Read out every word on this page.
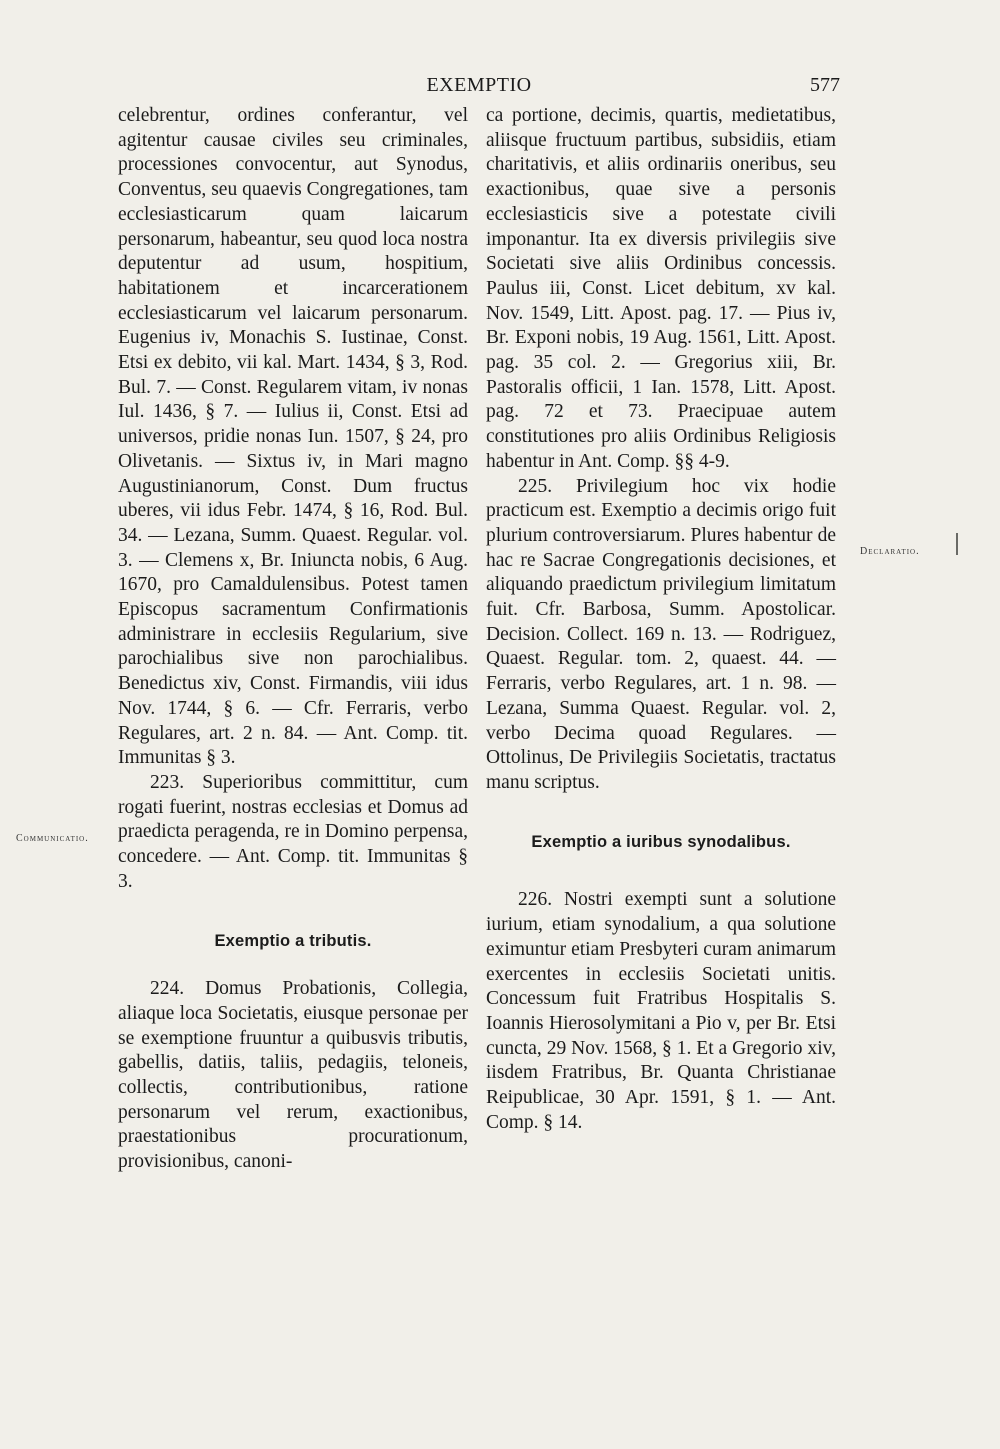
EXEMPTIO	577
Communicatio.
Declaratio.

celebrentur, ordines conferantur, vel agitentur causae civiles seu criminales, processiones convocentur, aut Synodus, Conventus, seu quaevis Congregationes, tam ecclesiasticarum quam laicarum personarum, habeantur, seu quod loca nostra deputentur ad usum, hospitium, habitationem et incarcerationem ecclesiasticarum vel laicarum personarum. Eugenius iv, Monachis S. Iustinae, Const. Etsi ex debito, vii kal. Mart. 1434, § 3, Rod. Bul. 7. — Const. Regularem vitam, iv nonas Iul. 1436, § 7. — Iulius ii, Const. Etsi ad universos, pridie nonas Iun. 1507, § 24, pro Olivetanis. — Sixtus iv, in Mari magno Augustinianorum, Const. Dum fructus uberes, vii idus Febr. 1474, § 16, Rod. Bul. 34. — Lezana, Summ. Quaest. Regular. vol. 3. — Clemens x, Br. Iniuncta nobis, 6 Aug. 1670, pro Camaldulensibus. Potest tamen Episcopus sacramentum Confirmationis administrare in ecclesiis Regularium, sive parochialibus sive non parochialibus. Benedictus xiv, Const. Firmandis, viii idus Nov. 1744, § 6. — Cfr. Ferraris, verbo Regulares, art. 2 n. 84. — Ant. Comp. tit. Immunitas § 3.

223. Superioribus committitur, cum rogati fuerint, nostras ecclesias et Domus ad praedicta peragenda, re in Domino perpensa, concedere. — Ant. Comp. tit. Immunitas § 3.

Exemptio a tributis.

224. Domus Probationis, Collegia, aliaque loca Societatis, eiusque personae per se exemptione fruuntur a quibusvis tributis, gabellis, datiis, taliis, pedagiis, teloneis, collectis, contributionibus, ratione personarum vel rerum, exactionibus, praestationibus procurationum, provisionibus, canoni-

ca portione, decimis, quartis, medietatibus, aliisque fructuum partibus, subsidiis, etiam charitativis, et aliis ordinariis oneribus, seu exactionibus, quae sive a personis ecclesiasticis sive a potestate civili imponantur. Ita ex diversis privilegiis sive Societati sive aliis Ordinibus concessis. Paulus iii, Const. Licet debitum, xv kal. Nov. 1549, Litt. Apost. pag. 17. — Pius iv, Br. Exponi nobis, 19 Aug. 1561, Litt. Apost. pag. 35 col. 2. — Gregorius xiii, Br. Pastoralis officii, 1 Ian. 1578, Litt. Apost. pag. 72 et 73. Praecipuae autem constitutiones pro aliis Ordinibus Religiosis habentur in Ant. Comp. §§ 4-9.

225. Privilegium hoc vix hodie practicum est. Exemptio a decimis origo fuit plurium controversiarum. Plures habentur de hac re Sacrae Congregationis decisiones, et aliquando praedictum privilegium limitatum fuit. Cfr. Barbosa, Summ. Apostolicar. Decision. Collect. 169 n. 13. — Rodriguez, Quaest. Regular. tom. 2, quaest. 44. — Ferraris, verbo Regulares, art. 1 n. 98. — Lezana, Summa Quaest. Regular. vol. 2, verbo Decima quoad Regulares. — Ottolinus, De Privilegiis Societatis, tractatus manu scriptus.

Exemptio a iuribus synodalibus.

226. Nostri exempti sunt a solutione iurium, etiam synodalium, a qua solutione eximuntur etiam Presbyteri curam animarum exercentes in ecclesiis Societati unitis. Concessum fuit Fratribus Hospitalis S. Ioannis Hierosolymitani a Pio v, per Br. Etsi cuncta, 29 Nov. 1568, § 1. Et a Gregorio xiv, iisdem Fratribus, Br. Quanta Christianae Reipublicae, 30 Apr. 1591, § 1. — Ant. Comp. § 14.
